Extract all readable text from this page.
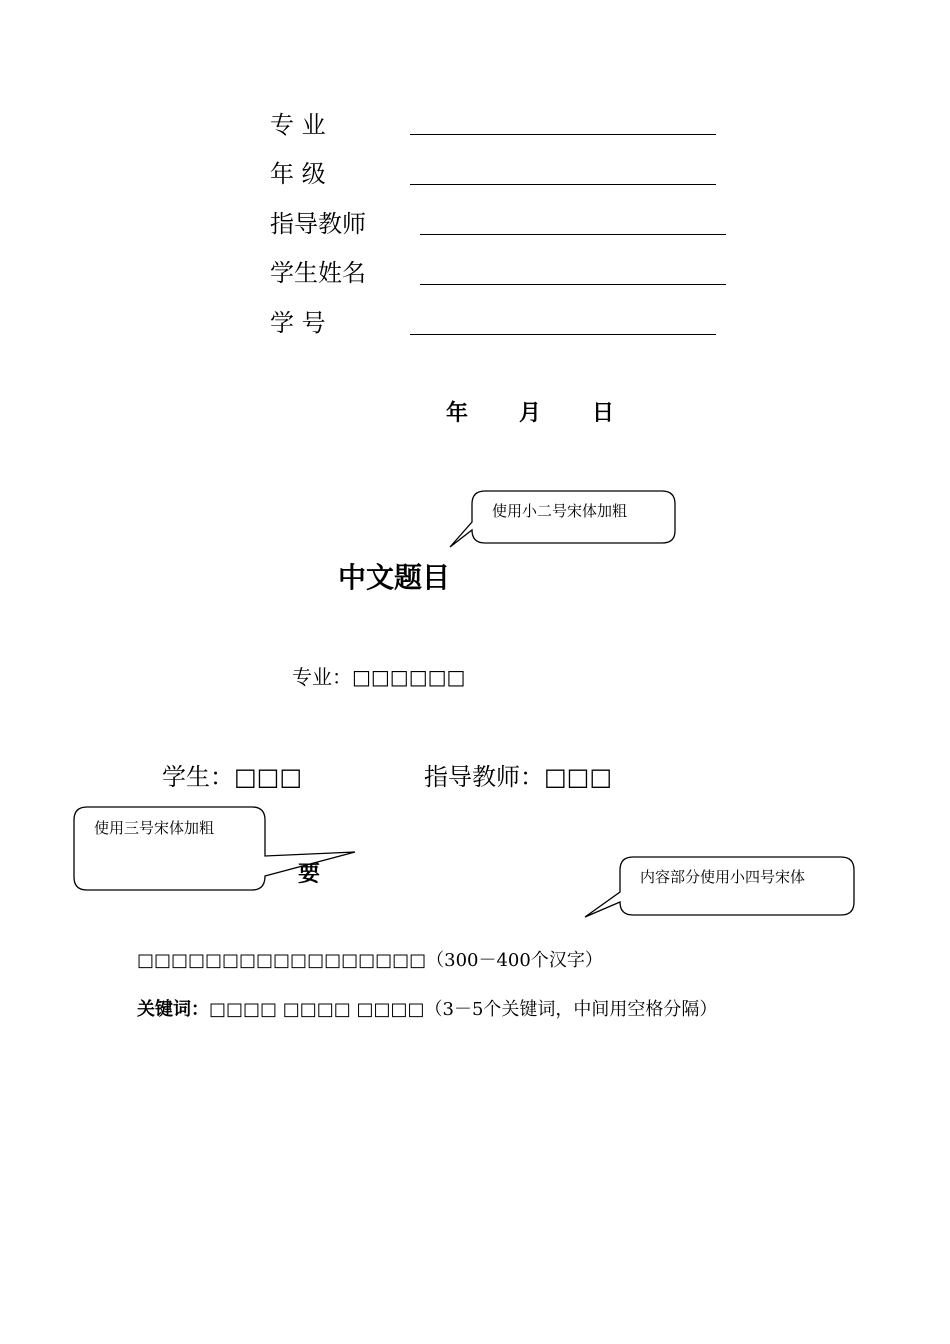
专 业
年 级
指导教师
学生姓名
学 号
年 月 日
使用小二号宋体加粗
使用三号宋体加粗
内容部分使用小四号宋体
中文题目
专业：□□□□□□
学生：□□□	指导教师：□□□
要
□□□□□□□□□□□□□□□□□（300－400个汉字）
关键词：□□□□ □□□□ □□□□（3－5个关键词，中间用空格分隔）
